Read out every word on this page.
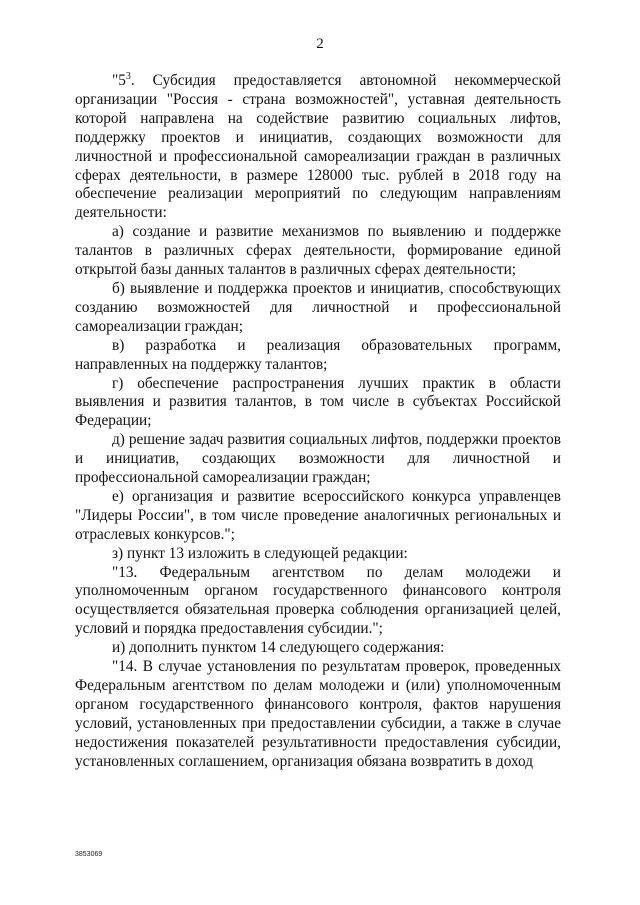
2

"$5^3$. Субсидия предоставляется автономной некоммерческой организации "Россия - страна возможностей", уставная деятельность которой направлена на содействие развитию социальных лифтов, поддержку проектов и инициатив, создающих возможности для личностной и профессиональной самореализации граждан в различных сферах деятельности, в размере 128000 тыс. рублей в 2018 году на обеспечение реализации мероприятий по следующим направлениям деятельности:

а) создание и развитие механизмов по выявлению и поддержке талантов в различных сферах деятельности, формирование единой открытой базы данных талантов в различных сферах деятельности;

б) выявление и поддержка проектов и инициатив, способствующих созданию возможностей для личностной и профессиональной самореализации граждан;

в) разработка и реализация образовательных программ, направленных на поддержку талантов;

г) обеспечение распространения лучших практик в области выявления и развития талантов, в том числе в субъектах Российской Федерации;

д) решение задач развития социальных лифтов, поддержки проектов и инициатив, создающих возможности для личностной и профессиональной самореализации граждан;

е) организация и развитие всероссийского конкурса управленцев "Лидеры России", в том числе проведение аналогичных региональных и отраслевых конкурсов.";

з) пункт 13 изложить в следующей редакции:

"13. Федеральным агентством по делам молодежи и уполномоченным органом государственного финансового контроля осуществляется обязательная проверка соблюдения организацией целей, условий и порядка предоставления субсидии.";

и) дополнить пунктом 14 следующего содержания:

"14. В случае установления по результатам проверок, проведенных Федеральным агентством по делам молодежи и (или) уполномоченным органом государственного финансового контроля, фактов нарушения условий, установленных при предоставлении субсидии, а также в случае недостижения показателей результативности предоставления субсидии, установленных соглашением, организация обязана возвратить в доход

3853069
